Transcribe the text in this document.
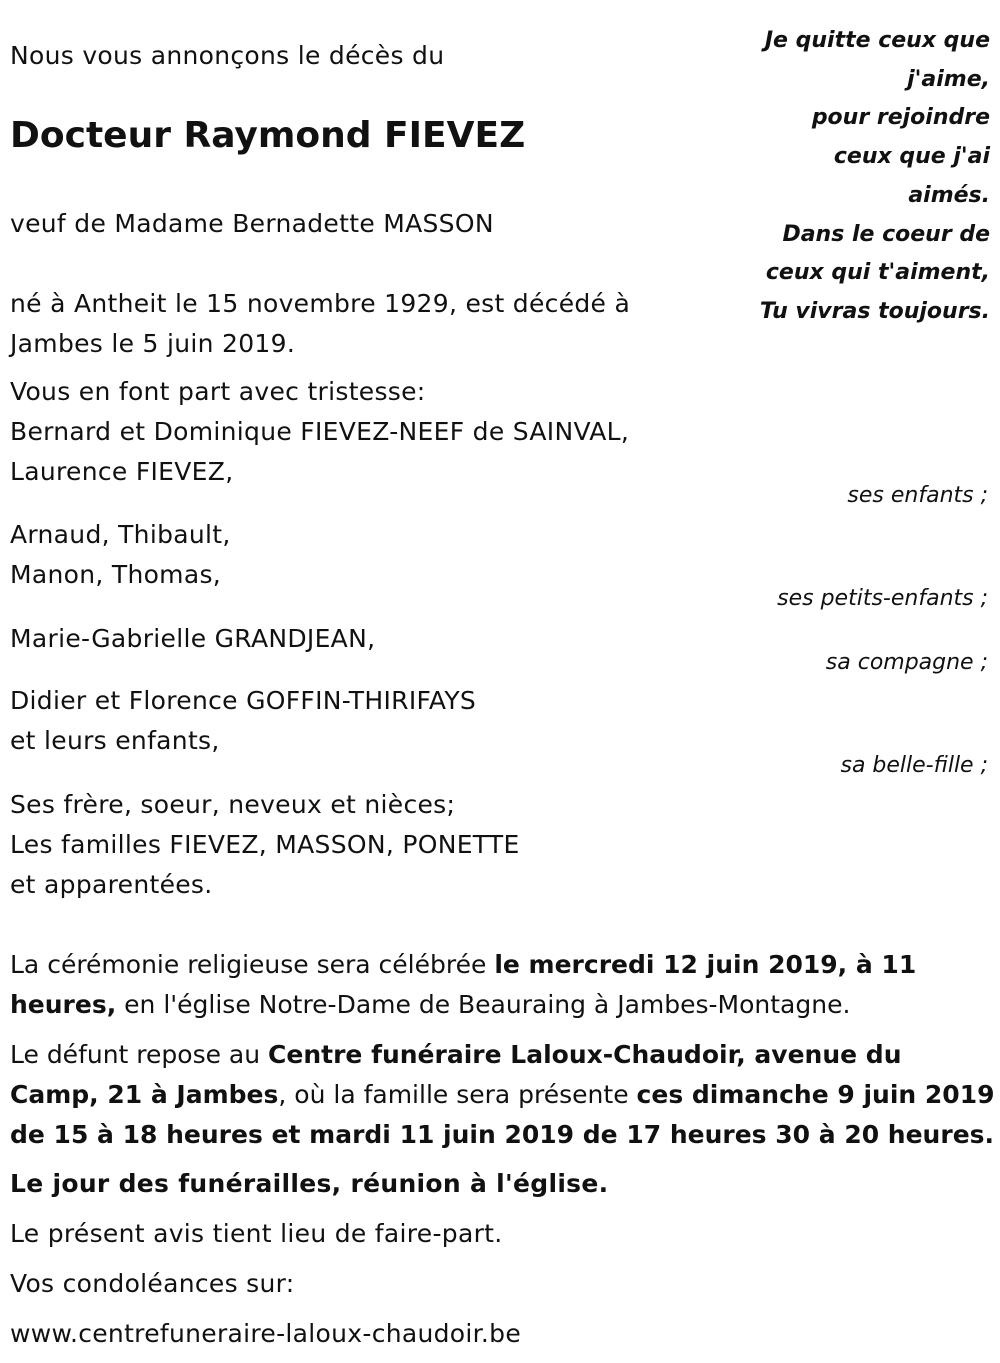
Nous vous annonçons le décès du

Docteur Raymond FIEVEZ

veuf de Madame Bernadette MASSON

né à Antheit le 15 novembre 1929, est décédé à
Jambes le 5 juin 2019.
Je quitte ceux que
j'aime,
pour rejoindre
ceux que j'ai
aimés.
Dans le coeur de
ceux qui t'aiment,
Tu vivras toujours.
Vous en font part avec tristesse:
Bernard et Dominique FIEVEZ-NEEF de SAINVAL,
Laurence FIEVEZ,
ses enfants ;
Arnaud, Thibault,
Manon, Thomas,
ses petits-enfants ;
Marie-Gabrielle GRANDJEAN,
sa compagne ;
Didier et Florence GOFFIN-THIRIFAYS
et leurs enfants,
sa belle-fille ;
Ses frère, soeur, neveux et nièces;
Les familles FIEVEZ, MASSON, PONETTE
et apparentées.

La cérémonie religieuse sera célébrée le mercredi 12 juin 2019, à 11 heures, en l'église Notre-Dame de Beauraing à Jambes-Montagne.

Le défunt repose au Centre funéraire Laloux-Chaudoir, avenue du Camp, 21 à Jambes, où la famille sera présente ces dimanche 9 juin 2019 de 15 à 18 heures et mardi 11 juin 2019 de 17 heures 30 à 20 heures.

Le jour des funérailles, réunion à l'église.

Le présent avis tient lieu de faire-part.

Vos condoléances sur:

www.centrefuneraire-laloux-chaudoir.be
